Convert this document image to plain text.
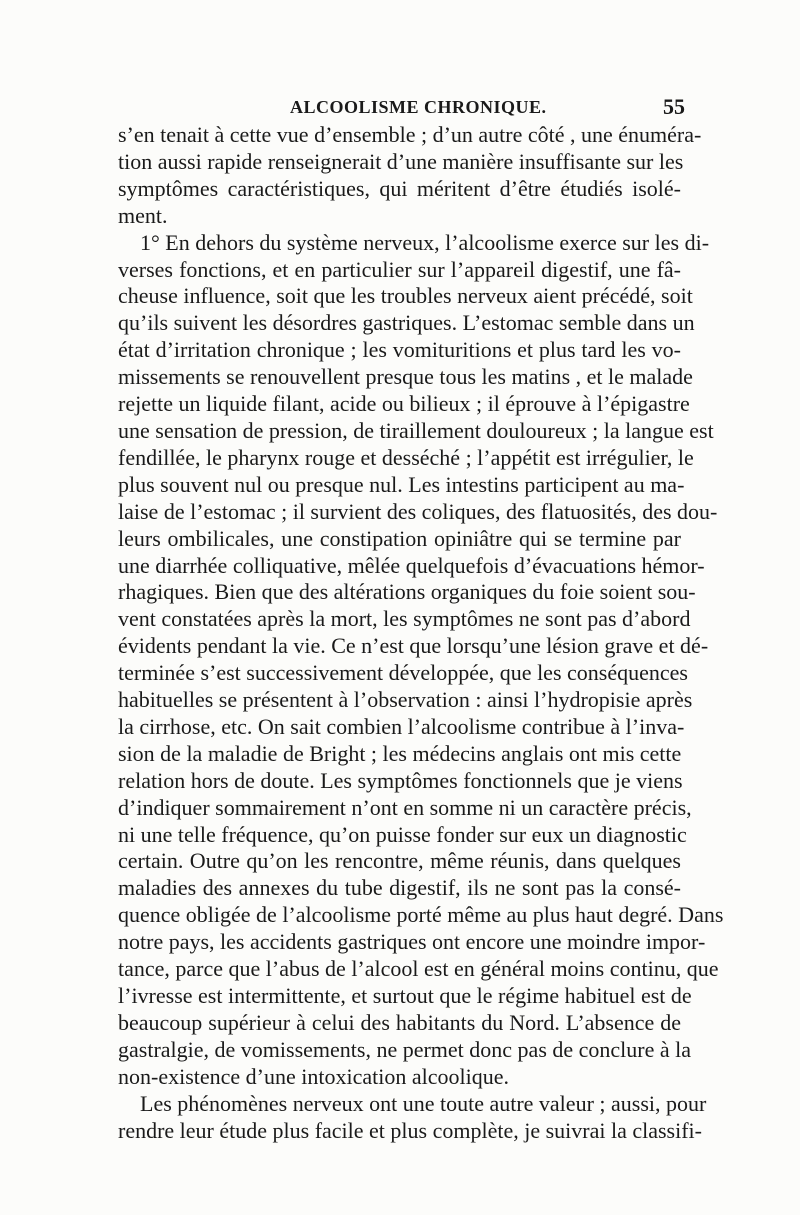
ALCOOLISME CHRONIQUE.	55
s’en tenait à cette vue d’ensemble ; d’un autre côté , une énuméra-
tion aussi rapide renseignerait d’une manière insuffisante sur les
symptômes caractéristiques, qui méritent d’être étudiés isolé-
ment.
1° En dehors du système nerveux, l’alcoolisme exerce sur les di-
verses fonctions, et en particulier sur l’appareil digestif, une fâ-
cheuse influence, soit que les troubles nerveux aient précédé, soit
qu’ils suivent les désordres gastriques. L’estomac semble dans un
état d’irritation chronique ; les vomituritions et plus tard les vo-
missements se renouvellent presque tous les matins , et le malade
rejette un liquide filant, acide ou bilieux ; il éprouve à l’épigastre
une sensation de pression, de tiraillement douloureux ; la langue est
fendillée, le pharynx rouge et desséché ; l’appétit est irrégulier, le
plus souvent nul ou presque nul. Les intestins participent au ma-
laise de l’estomac ; il survient des coliques, des flatuosités, des dou-
leurs ombilicales, une constipation opiniâtre qui se termine par
une diarrhée colliquative, mêlée quelquefois d’évacuations hémor-
rhagiques. Bien que des altérations organiques du foie soient sou-
vent constatées après la mort, les symptômes ne sont pas d’abord
évidents pendant la vie. Ce n’est que lorsqu’une lésion grave et dé-
terminée s’est successivement développée, que les conséquences
habituelles se présentent à l’observation : ainsi l’hydropisie après
la cirrhose, etc. On sait combien l’alcoolisme contribue à l’inva-
sion de la maladie de Bright ; les médecins anglais ont mis cette
relation hors de doute. Les symptômes fonctionnels que je viens
d’indiquer sommairement n’ont en somme ni un caractère précis,
ni une telle fréquence, qu’on puisse fonder sur eux un diagnostic
certain. Outre qu’on les rencontre, même réunis, dans quelques
maladies des annexes du tube digestif, ils ne sont pas la consé-
quence obligée de l’alcoolisme porté même au plus haut degré. Dans
notre pays, les accidents gastriques ont encore une moindre impor-
tance, parce que l’abus de l’alcool est en général moins continu, que
l’ivresse est intermittente, et surtout que le régime habituel est de
beaucoup supérieur à celui des habitants du Nord. L’absence de
gastralgie, de vomissements, ne permet donc pas de conclure à la
non-existence d’une intoxication alcoolique.
Les phénomènes nerveux ont une toute autre valeur ; aussi, pour
rendre leur étude plus facile et plus complète, je suivrai la classifi-
